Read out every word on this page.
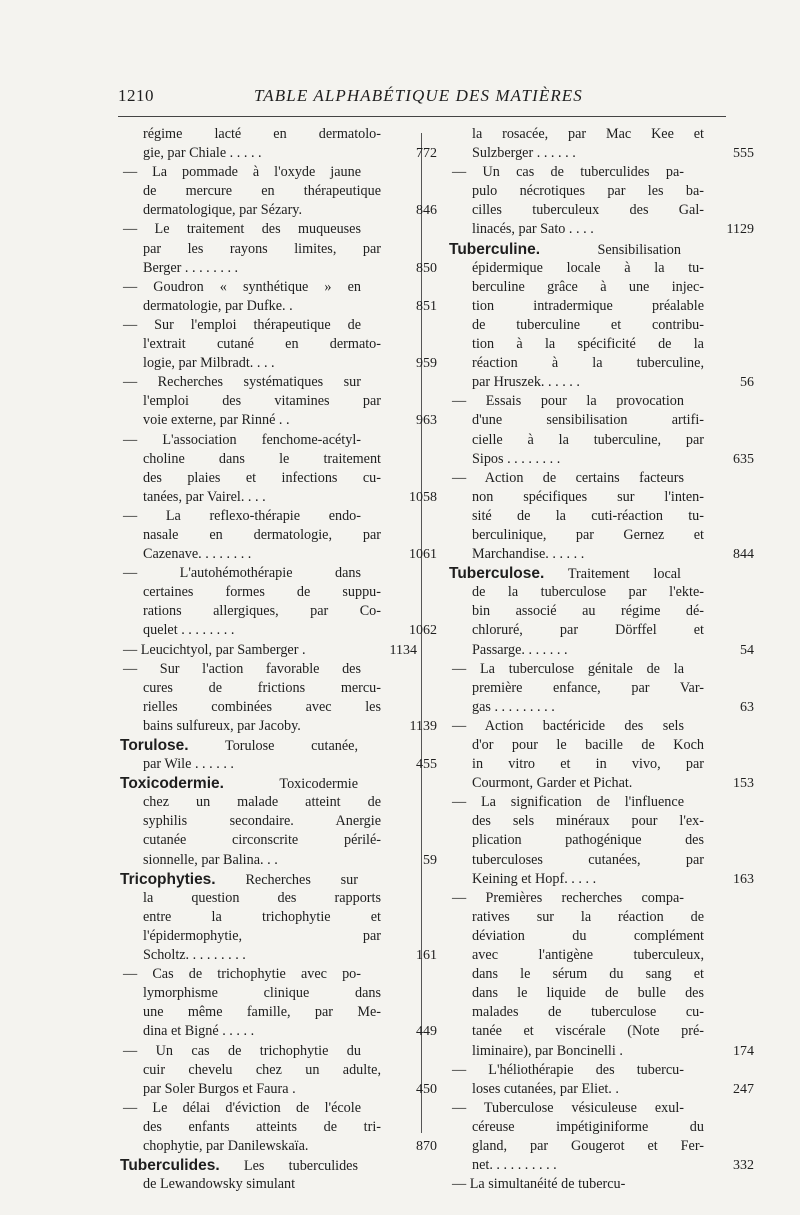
1210	TABLE ALPHABÉTIQUE DES MATIÈRES
régime lacté en dermatolo-
gie, par Chiale . . . . .	772
— La pommade à l'oxyde jaune
de mercure en thérapeutique
dermatologique, par Sézary.	846
— Le traitement des muqueuses
par les rayons limites, par
Berger . . . . . . . .	850
— Goudron « synthétique » en
dermatologie, par Dufke. .	851
— Sur l'emploi thérapeutique de
l'extrait cutané en dermato-
logie, par Milbradt. . . .	959
— Recherches systématiques sur
l'emploi des vitamines par
voie externe, par Rinné . .	963
— L'association fenchome-acétyl-
choline dans le traitement
des plaies et infections cu-
tanées, par Vairel. . . .	1058
— La reflexo-thérapie endo-
nasale en dermatologie, par
Cazenave. . . . . . . .	1061
— L'autohémothérapie dans
certaines formes de suppu-
rations allergiques, par Co-
quelet . . . . . . . .	1062
— Leucichtyol, par Samberger .	1134
— Sur l'action favorable des
cures de frictions mercu-
rielles combinées avec les
bains sulfureux, par Jacoby.	1139
Torulose.	Torulose cutanée,
par Wile . . . . . .	455
Toxicodermie.	Toxicodermie
chez un malade atteint de
syphilis secondaire. Anergie
cutanée circonscrite périlé-
sionnelle, par Balina. . .	59
Tricophyties. Recherches sur
la question des rapports
entre la trichophytie et
l'épidermophytie, par
Scholtz. . . . . . . . .	161
— Cas de trichophytie avec po-
lymorphisme clinique dans
une même famille, par Me-
dina et Bigné . . . . .	449
— Un cas de trichophytie du
cuir chevelu chez un adulte,
par Soler Burgos et Faura .	450
— Le délai d'éviction de l'école
des enfants atteints de tri-
chophytie, par Danilewskaïa.	870
Tuberculides. Les tuberculides
de Lewandowsky simulant
la rosacée, par Mac Kee et
Sulzberger . . . . . .	555
— Un cas de tuberculides pa-
pulo nécrotiques par les ba-
cilles tuberculeux des Gal-
linacés, par Sato . . . .	1129
Tuberculine.	Sensibilisation
épidermique locale à la tu-
berculine grâce à une injec-
tion intradermique préalable
de tuberculine et contribu-
tion à la spécificité de la
réaction à la tuberculine,
par Hruszek. . . . . .	56
— Essais pour la provocation
d'une sensibilisation artifi-
cielle à la tuberculine, par
Sipos . . . . . . . .	635
— Action de certains facteurs
non spécifiques sur l'inten-
sité de la cuti-réaction tu-
berculinique, par Gernez et
Marchandise. . . . . .	844
Tuberculose. Traitement local
de la tuberculose par l'ekte-
bin associé au régime dé-
chloruré, par Dörffel et
Passarge. . . . . . .	54
— La tuberculose génitale de la
première enfance, par Var-
gas . . . . . . . . .	63
— Action bactéricide des sels
d'or pour le bacille de Koch
in vitro et in vivo, par
Courmont, Garder et Pichat.	153
— La signification de l'influence
des sels minéraux pour l'ex-
plication pathogénique des
tuberculoses cutanées, par
Keining et Hopf. . . . .	163
— Premières recherches compa-
ratives sur la réaction de
déviation du complément
avec l'antigène tuberculeux,
dans le sérum du sang et
dans le liquide de bulle des
malades de tuberculose cu-
tanée et viscérale (Note pré-
liminaire), par Boncinelli .	174
— L'héliothérapie des tubercu-
loses cutanées, par Eliet. .	247
— Tuberculose vésiculeuse exul-
céreuse impétiginiforme du
gland, par Gougerot et Fer-
net. . . . . . . . . .	332
— La simultanéité de tubercu-
